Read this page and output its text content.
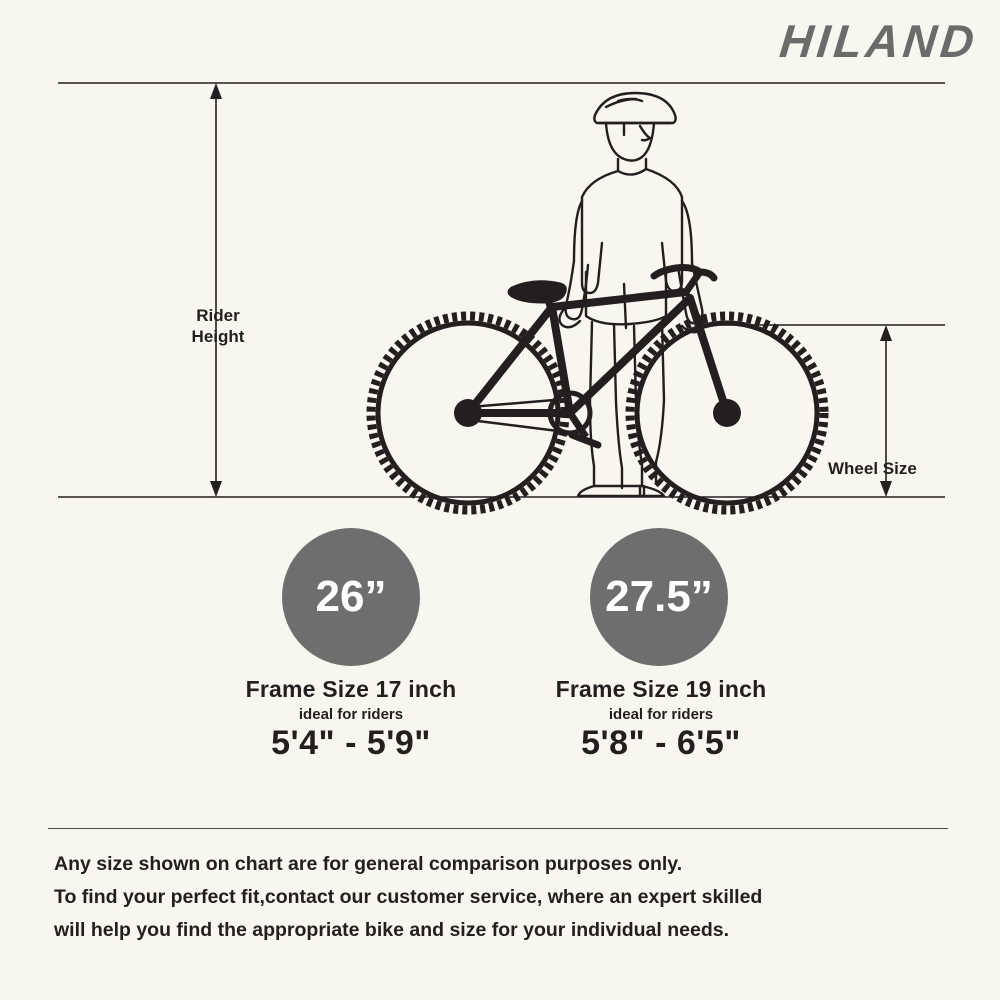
HILAND
Rider
Height
Wheel Size
26”	27.5”
Frame Size 17 inch
ideal for riders
5'4" - 5'9"
Frame Size 19 inch
ideal for riders
5'8" - 6'5"
Any size shown on chart are for general comparison purposes only.
To find your perfect fit,contact our customer service, where an expert skilled
will help you find the appropriate bike and size for your individual needs.
